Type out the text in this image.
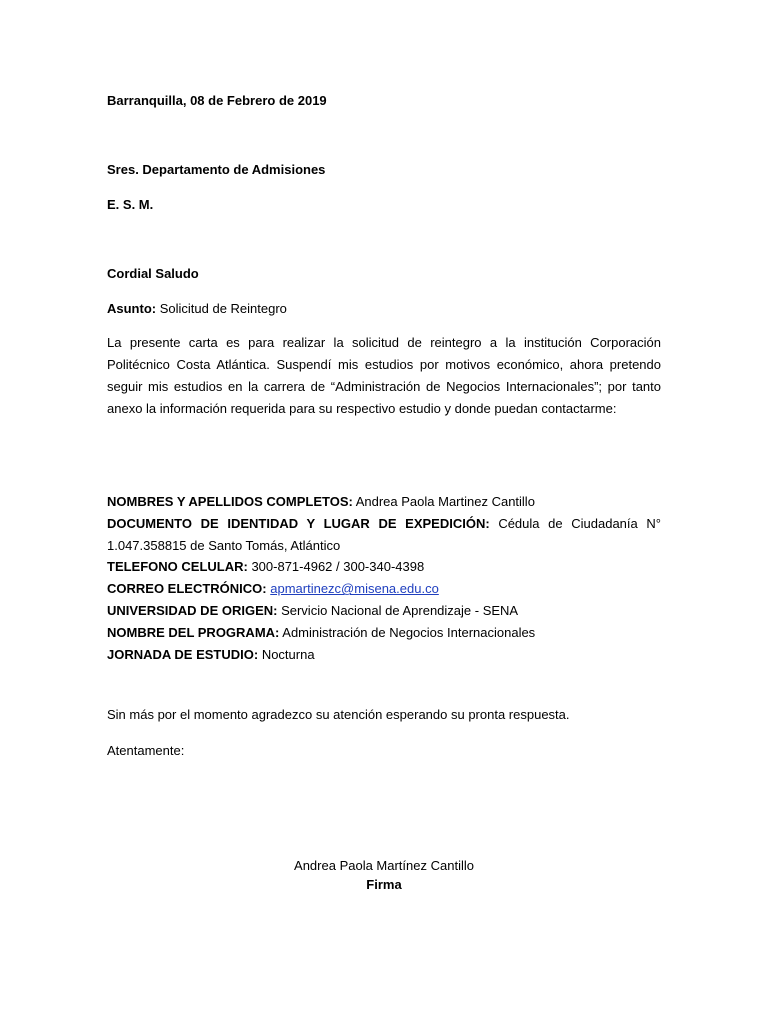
Barranquilla, 08 de Febrero de 2019
Sres. Departamento de Admisiones
E. S. M.
Cordial Saludo
Asunto: Solicitud de Reintegro
La presente carta es para realizar la solicitud de reintegro a la institución Corporación Politécnico Costa Atlántica. Suspendí mis estudios por motivos económico, ahora pretendo seguir mis estudios en la carrera de “Administración de Negocios Internacionales”; por tanto anexo la información requerida para su respectivo estudio y donde puedan contactarme:
NOMBRES Y APELLIDOS COMPLETOS: Andrea Paola Martinez Cantillo
DOCUMENTO DE IDENTIDAD Y LUGAR DE EXPEDICIÓN: Cédula de Ciudadanía N° 1.047.358815 de Santo Tomás, Atlántico
TELEFONO CELULAR: 300-871-4962 / 300-340-4398
CORREO ELECTRÓNICO: apmartinezc@misena.edu.co
UNIVERSIDAD DE ORIGEN: Servicio Nacional de Aprendizaje - SENA
NOMBRE DEL PROGRAMA: Administración de Negocios Internacionales
JORNADA DE ESTUDIO: Nocturna
Sin más por el momento agradezco su atención esperando su pronta respuesta.
Atentamente:
Andrea Paola Martínez Cantillo
Firma
